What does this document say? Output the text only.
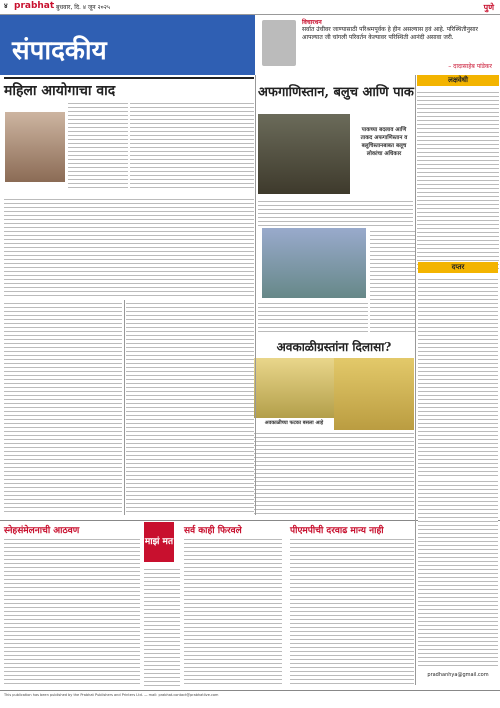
४ prabhat बुधवार, दि. ४ जून २०२५	पुणे
संपादकीय
विचारधन
सर्वात उंचीवर जाण्यासाठी परिश्रमपूर्वक हे हीन असल्यास हवं आहे. परिस्थितीनुसार आपल्यात जी चांगली परिवर्तन केल्यावर परिस्थिती आनंदी असावा जरी.
– दादासाहेब पांडेकर
महिला आयोगाचा वाद	अफगाणिस्तान, बलुच आणि पाक
पाकच्या बदलाव आणि ताकद अफगाणिस्तान व बलुचिस्तानबाबत बलूच लोकांचा अधिकार
लक्षवेधी
दप्तर
अवकाळीग्रस्तांना दिलासा?
अवकाळीच्या फटका बसला आहे
स्नेहसंमेलनाची आठवण
माझं मत
सर्व काही फिरवले	पीएमपीची दरवाढ मान्य नाही
pradhanhya@gmail.com
This publication has been published by the Prabhat Publishers and Printers Ltd. — mail: prabhat.contact@prabhatlive.com
